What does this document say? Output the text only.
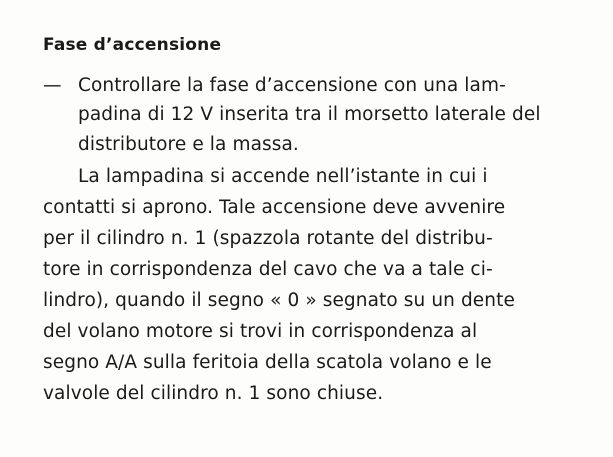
Fase d’accensione
— Controllare la fase d’accensione con una lam-
padina di 12 V inserita tra il morsetto laterale del
distributore e la massa.
La lampadina si accende nell’istante in cui i
contatti si aprono. Tale accensione deve avvenire
per il cilindro n. 1 (spazzola rotante del distribu-
tore in corrispondenza del cavo che va a tale ci-
lindro), quando il segno « 0 » segnato su un dente
del volano motore si trovi in corrispondenza al
segno A/A sulla feritoia della scatola volano e le
valvole del cilindro n. 1 sono chiuse.
